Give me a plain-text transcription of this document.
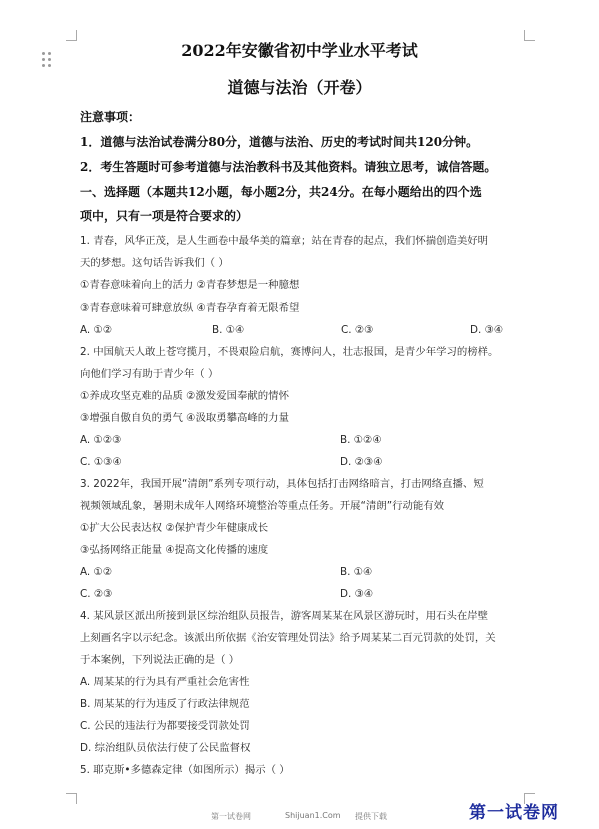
2022年安徽省初中学业水平考试
道德与法治（开卷）
注意事项：
1．道德与法治试卷满分80分，道德与法治、历史的考试时间共120分钟。
2．考生答题时可参考道德与法治教科书及其他资料。请独立思考，诚信答题。
一、选择题（本题共12小题，每小题2分，共24分。在每小题给出的四个选
项中，只有一项是符合要求的）
1. 青春，风华正茂，是人生画卷中最华美的篇章；站在青春的起点，我们怀揣创造美好明
天的梦想。这句话告诉我们（ ）
①青春意味着向上的活力 ②青春梦想是一种臆想
③青春意味着可肆意放纵 ④青春孕育着无限希望
A. ①②	B. ①④	C. ②③	D. ③④
2. 中国航天人敢上苍穹揽月，不畏艰险启航，赛博问人，壮志报国，是青少年学习的榜样。
向他们学习有助于青少年（ ）
①养成攻坚克难的品质 ②激发爱国奉献的情怀
③增强自傲自负的勇气 ④汲取勇攀高峰的力量
A. ①②③	B. ①②④
C. ①③④	D. ②③④
3. 2022年，我国开展“清朗”系列专项行动，具体包括打击网络暗言，打击网络直播、短
视频领域乱象，暑期未成年人网络环境整治等重点任务。开展“清朗”行动能有效
①扩大公民表达权 ②保护青少年健康成长
③弘扬网络正能量 ④提高文化传播的速度
A. ①②	B. ①④
C. ②③	D. ③④
4. 某风景区派出所接到景区综治组队员报告，游客周某某在风景区游玩时，用石头在岸壁
上刻画名字以示纪念。该派出所依据《治安管理处罚法》给予周某某二百元罚款的处罚，关
于本案例，下列说法正确的是（ ）
A. 周某某的行为具有严重社会危害性
B. 周某某的行为违反了行政法律规范
C. 公民的违法行为都要接受罚款处罚
D. 综治组队员依法行使了公民监督权
5. 耶克斯•多德森定律（如图所示）揭示（ ）
第一试卷网	Shijuan1.Com 提供下载	第一试卷网
